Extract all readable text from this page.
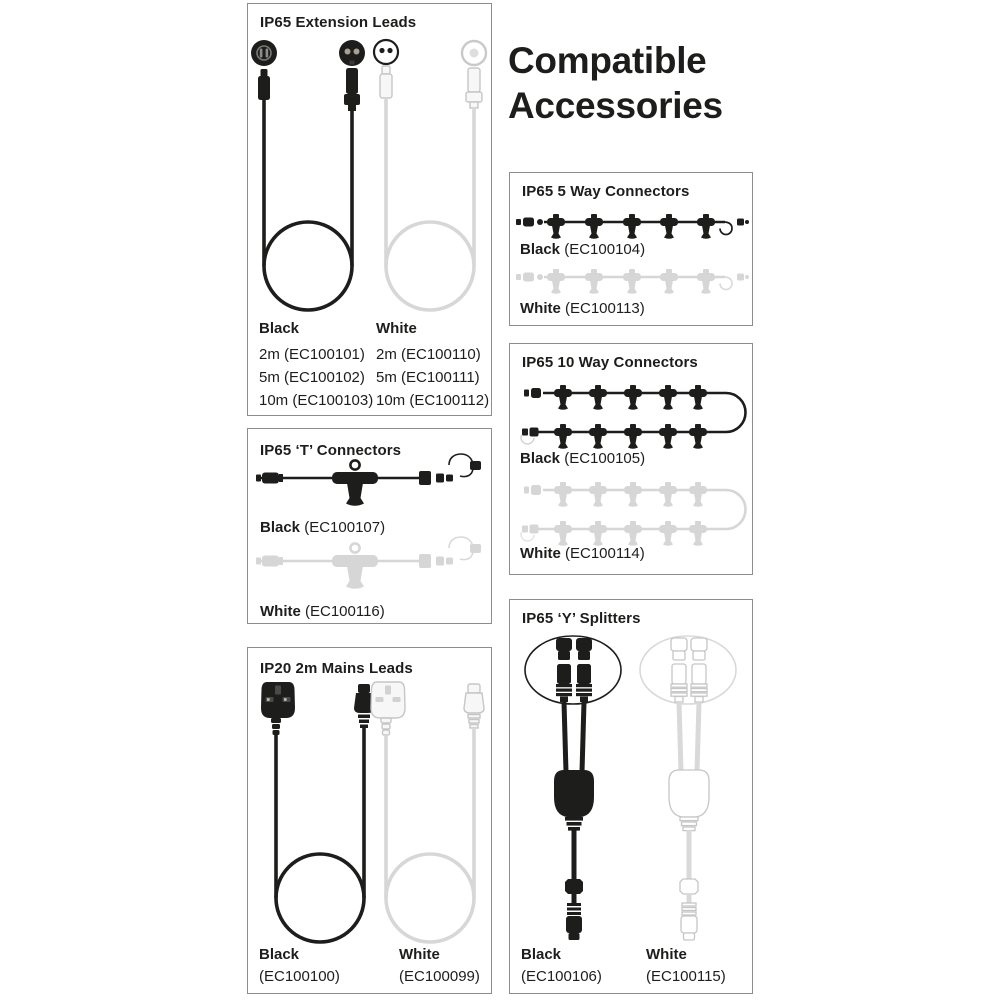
Compatible
Accessories
IP65 Extension Leads
Black	White
2m (EC100101)
5m (EC100102)
10m (EC100103)
2m (EC100110)
5m (EC100111)
10m (EC100112)
IP65 ‘T’ Connectors
Black (EC100107)
White (EC100116)
IP20 2m Mains Leads
Black
(EC100100)
White
(EC100099)
IP65 5 Way Connectors
Black (EC100104)
White (EC100113)
IP65 10 Way Connectors
Black (EC100105)
White (EC100114)
IP65 ‘Y’ Splitters
Black
(EC100106)
White
(EC100115)
